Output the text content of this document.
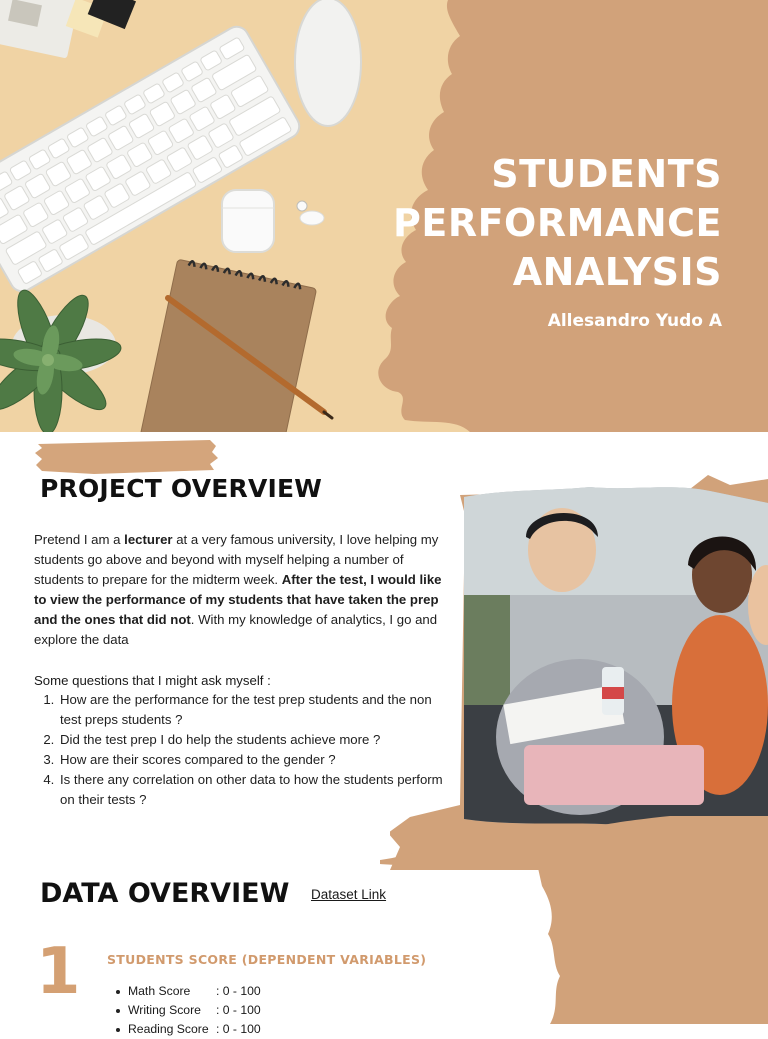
STUDENTS
PERFORMANCE
ANALYSIS
Allesandro Yudo A
PROJECT OVERVIEW

Pretend I am a lecturer at a very famous university, I love helping my students go above and beyond with myself helping a number of students to prepare for the midterm week. After the test, I would like to view the performance of my students that have taken the prep and the ones that did not. With my knowledge of analytics, I go and explore the data

Some questions that I might ask myself :
1. How are the performance for the test prep students and the non test preps students ?
2. Did the test prep I do help the students achieve more ?
3. How are their scores compared to the gender ?
4. Is there any correlation on other data to how the students perform on their tests ?
DATA OVERVIEW Dataset Link
1 STUDENTS SCORE (DEPENDENT VARIABLES)
Math Score : 0 - 100
Writing Score : 0 - 100
Reading Score : 0 - 100
